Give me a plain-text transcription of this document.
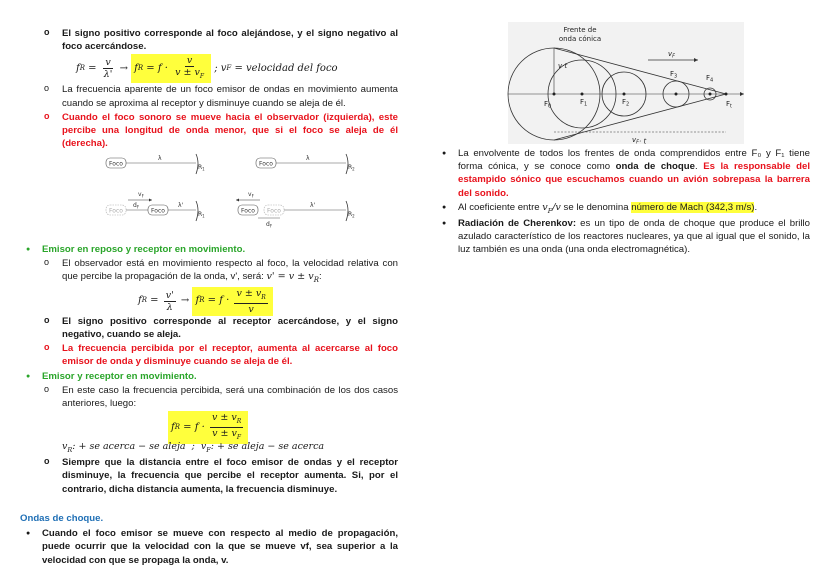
o El signo positivo corresponde al foco alejándose, y el signo negativo al foco acercándose.
f $R = \frac{v}{\lambda'}$
→
f $R = f \cdot \frac{v}{v \pm v_F}$
; v F = velocidad del foco
o La frecuencia aparente de un foco emisor de ondas en movimiento aumenta cuando se aproxima al receptor y disminuye cuando se aleja de él.
o Cuando el foco sonoro se mueve hacia el observador (izquierda), este percibe una longitud de onda menor, que si el foco se aleja de él (derecha).
Foco
λ
$R_1$
Foco
λ
$R_2$
$v_F$
Foco
$d_F$
Foco
λ'
$R_1$
$v_F$
Foco Foco
λ'
$d_F$
$R_2$
● Emisor en reposo y receptor en movimiento.
o El observador está en movimiento respecto al foco, la velocidad relativa con que percibe la propagación de la onda, v', será: $v' = v \pm v_R$:
f $R = \frac{v'}{\lambda}$
→
f $R = f \cdot \frac{v \pm v_R}{v}$
o El signo positivo corresponde al receptor acercándose, y el signo negativo, cuando se aleja.
o La frecuencia percibida por el receptor, aumenta al acercarse al foco emisor de onda y disminuye cuando se aleja de él.
● Emisor y receptor en movimiento.
o En este caso la frecuencia percibida, será una combinación de los dos casos anteriores, luego:
f $R = f \cdot \frac{v \pm v_R}{v \pm v_F}$
$v_R$: + se acerca − se aleja  ;  $v_F$: + se aleja − se acerca
o Siempre que la distancia entre el foco emisor de ondas y el receptor disminuye, la frecuencia que percibe el receptor aumenta. Si, por el contrario, dicha distancia aumenta, la frecuencia disminuye.
Ondas de choque.
● Cuando el foco emisor se mueve con respecto al medio de propagación, puede ocurrir que la velocidad con la que se mueve vf, sea superior a la velocidad con que se propaga la onda, v.
Frente de
onda cónica
v·t
$v_F$
$F_0$
$F_1$	$F_2$
$F_3$	$F_4$
$F_t$
$v_F\cdot t$
● La envolvente de todos los frentes de onda comprendidos entre F₀ y F₁ tiene forma cónica, y se conoce como onda de choque. Es la responsable del estampido sónico que escuchamos cuando un avión sobrepasa la barrera del sonido.
● Al coeficiente entre $v_F/v$ se le denomina número de Mach (342,3 m/s).
● Radiación de Cherenkov: es un tipo de onda de choque que produce el brillo azulado característico de los reactores nucleares, ya que al igual que el sonido, la luz también es una onda (una onda electromagnética).
